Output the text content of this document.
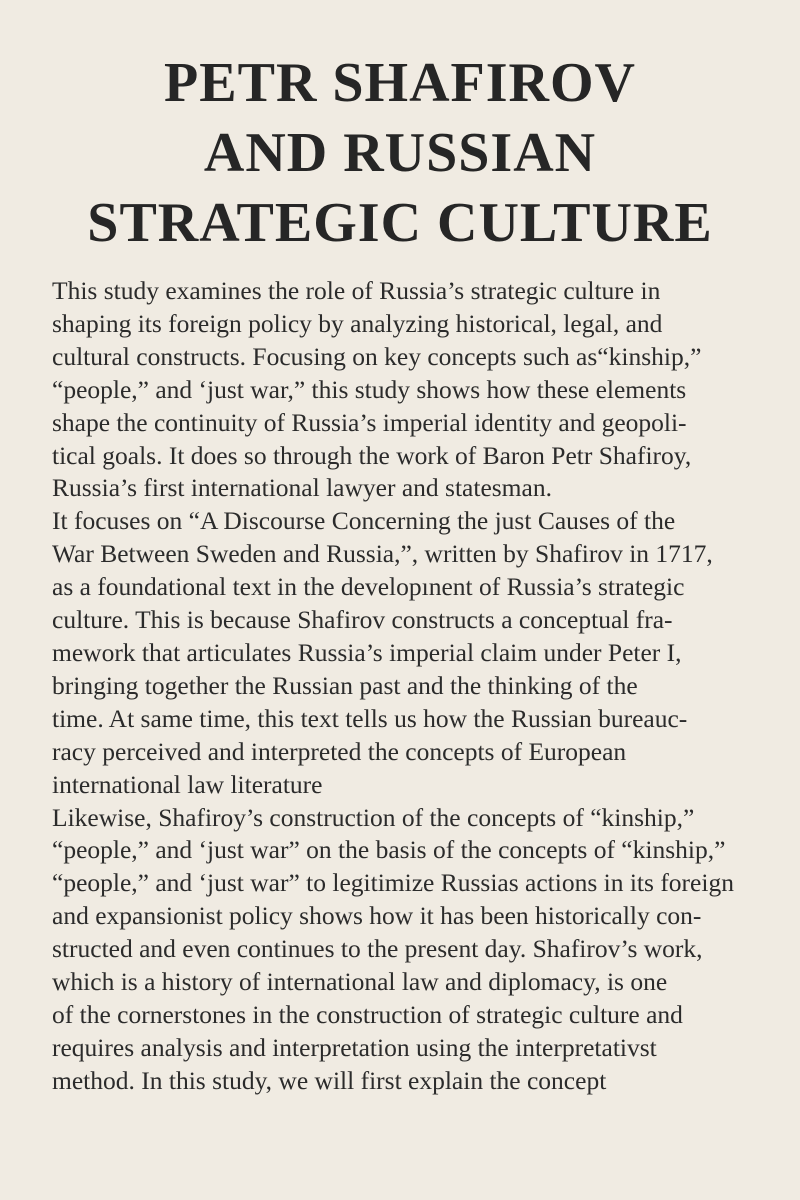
PETR SHAFIROV
AND RUSSIAN
STRATEGIC CULTURE
This study examines the role of Russia’s strategic culture in
shaping its foreign policy by analyzing historical, legal, and
cultural constructs. Focusing on key concepts such as“kinship,”
“people,” and ‘just war,” this study shows how these elements
shape the continuity of Russia’s imperial identity and geopoli-
tical goals. It does so through the work of Baron Petr Shafiroy,
Russia’s first international lawyer and statesman.
It focuses on “A Discourse Concerning the just Causes of the
War Between Sweden and Russia,”, written by Shafirov in 1717,
as a foundational text in the developınent of Russia’s strategic
culture. This is because Shafirov constructs a conceptual fra-
mework that articulates Russia’s imperial claim under Peter I,
bringing together the Russian past and the thinking of the
time. At same time, this text tells us how the Russian bureauc-
racy perceived and interpreted the concepts of European
international law literature
Likewise, Shafiroy’s construction of the concepts of “kinship,”
“people,” and ‘just war” on the basis of the concepts of “kinship,”
“people,” and ‘just war” to legitimize Russias actions in its foreign
and expansionist policy shows how it has been historically con-
structed and even continues to the present day. Shafirov’s work,
which is a history of international law and diplomacy, is one
of the cornerstones in the construction of strategic culture and
requires analysis and interpretation using the interpretativst
method. In this study, we will first explain the concept
